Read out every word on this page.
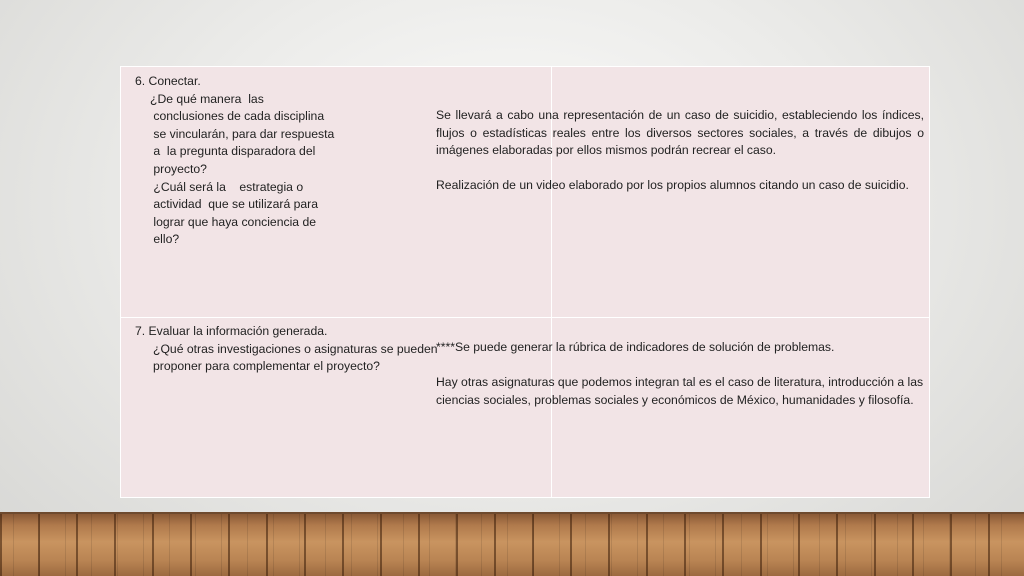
6. Conectar.
¿De qué manera  las
conclusiones de cada disciplina
se vincularán, para dar respuesta
a  la pregunta disparadora del
proyecto?
¿Cuál será la    estrategia o
actividad  que se utilizará para
lograr que haya conciencia de
ello?
Se llevará a cabo una representación de un caso de suicidio, estableciendo los índices, flujos o estadísticas reales entre los diversos sectores sociales, a través de dibujos o imágenes elaboradas por ellos mismos podrán recrear el caso.
Realización de un video elaborado por los propios alumnos citando un caso de suicidio.
7. Evaluar la información generada.
¿Qué otras investigaciones o asignaturas se pueden
proponer para complementar el proyecto?
****Se puede generar la rúbrica de indicadores de solución de problemas.
Hay otras asignaturas que podemos integran tal es el caso de literatura, introducción a las ciencias sociales, problemas sociales y económicos de México, humanidades y filosofía.
